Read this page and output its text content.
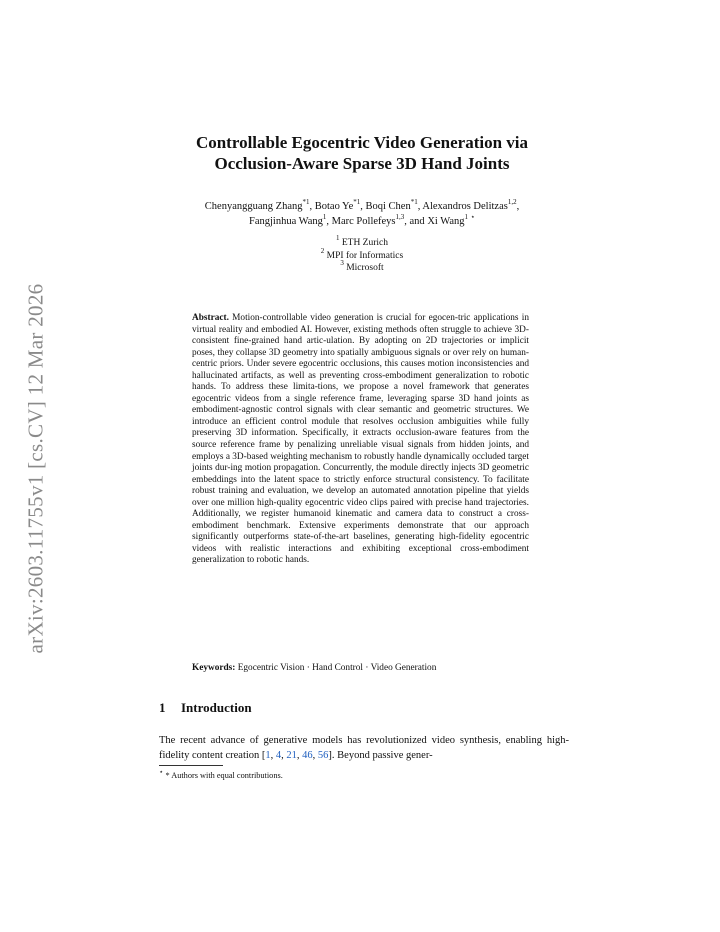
arXiv:2603.11755v1 [cs.CV] 12 Mar 2026
Controllable Egocentric Video Generation via
Occlusion-Aware Sparse 3D Hand Joints
Chenyangguang Zhang$^{*1}$, Botao Ye$^{*1}$, Boqi Chen$^{*1}$, Alexandros Delitzas$^{1,2}$,
Fangjinhua Wang$^1$, Marc Pollefeys$^{1,3}$, and Xi Wang$^1$ ⋆
$^1$ ETH Zurich
$^2$ MPI for Informatics
$^3$ Microsoft
Abstract. Motion-controllable video generation is crucial for egocen-tric applications in virtual reality and embodied AI. However, existing methods often struggle to achieve 3D-consistent fine-grained hand artic-ulation. By adopting on 2D trajectories or implicit poses, they collapse 3D geometry into spatially ambiguous signals or over rely on human-centric priors. Under severe egocentric occlusions, this causes motion inconsistencies and hallucinated artifacts, as well as preventing cross-embodiment generalization to robotic hands. To address these limita-tions, we propose a novel framework that generates egocentric videos from a single reference frame, leveraging sparse 3D hand joints as embodiment-agnostic control signals with clear semantic and geometric structures. We introduce an efficient control module that resolves occlusion ambiguities while fully preserving 3D information. Specifically, it extracts occlusion-aware features from the source reference frame by penalizing unreliable visual signals from hidden joints, and employs a 3D-based weighting mechanism to robustly handle dynamically occluded target joints dur-ing motion propagation. Concurrently, the module directly injects 3D geometric embeddings into the latent space to strictly enforce structural consistency. To facilitate robust training and evaluation, we develop an automated annotation pipeline that yields over one million high-quality egocentric video clips paired with precise hand trajectories. Additionally, we register humanoid kinematic and camera data to construct a cross-embodiment benchmark. Extensive experiments demonstrate that our approach significantly outperforms state-of-the-art baselines, generating high-fidelity egocentric videos with realistic interactions and exhibiting exceptional cross-embodiment generalization to robotic hands.
Keywords: Egocentric Vision · Hand Control · Video Generation
1 Introduction
The recent advance of generative models has revolutionized video synthesis, enabling high-fidelity content creation [1, 4, 21, 46, 56]. Beyond passive gener-
⋆ * Authors with equal contributions.
